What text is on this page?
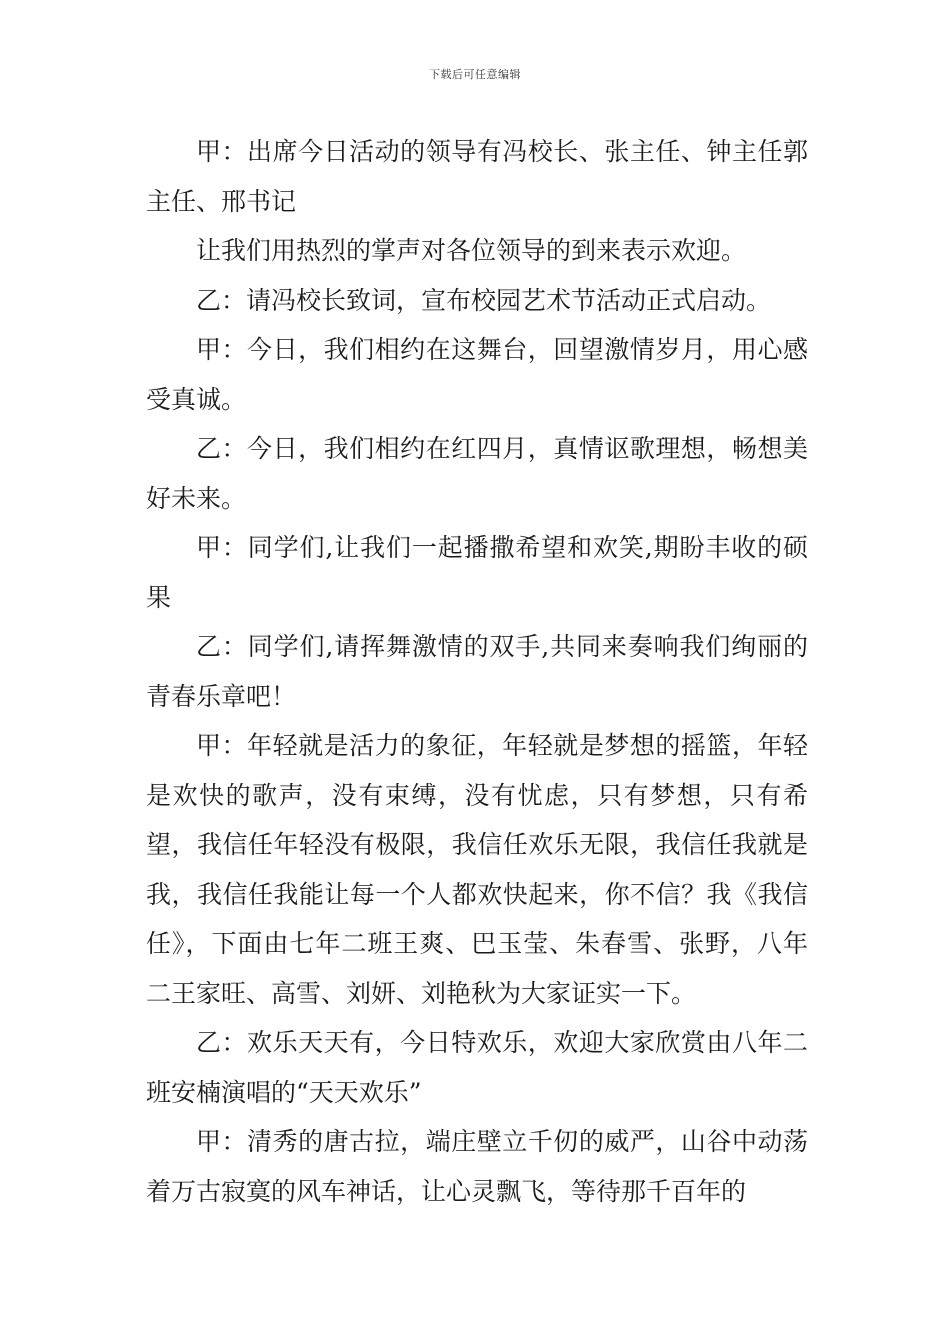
下载后可任意编辑

甲：出席今日活动的领导有冯校长、张主任、钟主任郭主任、邢书记

让我们用热烈的掌声对各位领导的到来表示欢迎。

乙：请冯校长致词，宣布校园艺术节活动正式启动。

甲：今日，我们相约在这舞台，回望激情岁月，用心感受真诚。

乙：今日，我们相约在红四月，真情讴歌理想，畅想美好未来。

甲：同学们,让我们一起播撒希望和欢笑,期盼丰收的硕果

乙：同学们,请挥舞激情的双手,共同来奏响我们绚丽的青春乐章吧！

甲：年轻就是活力的象征，年轻就是梦想的摇篮，年轻是欢快的歌声，没有束缚，没有忧虑，只有梦想，只有希望，我信任年轻没有极限，我信任欢乐无限，我信任我就是我，我信任我能让每一个人都欢快起来，你不信？我《我信任》，下面由七年二班王爽、巴玉莹、朱春雪、张野，八年二王家旺、高雪、刘妍、刘艳秋为大家证实一下。

乙：欢乐天天有，今日特欢乐，欢迎大家欣赏由八年二班安楠演唱的“天天欢乐”

甲：清秀的唐古拉，端庄壁立千仞的威严，山谷中动荡着万古寂寞的风车神话，让心灵飘飞，等待那千百年的
